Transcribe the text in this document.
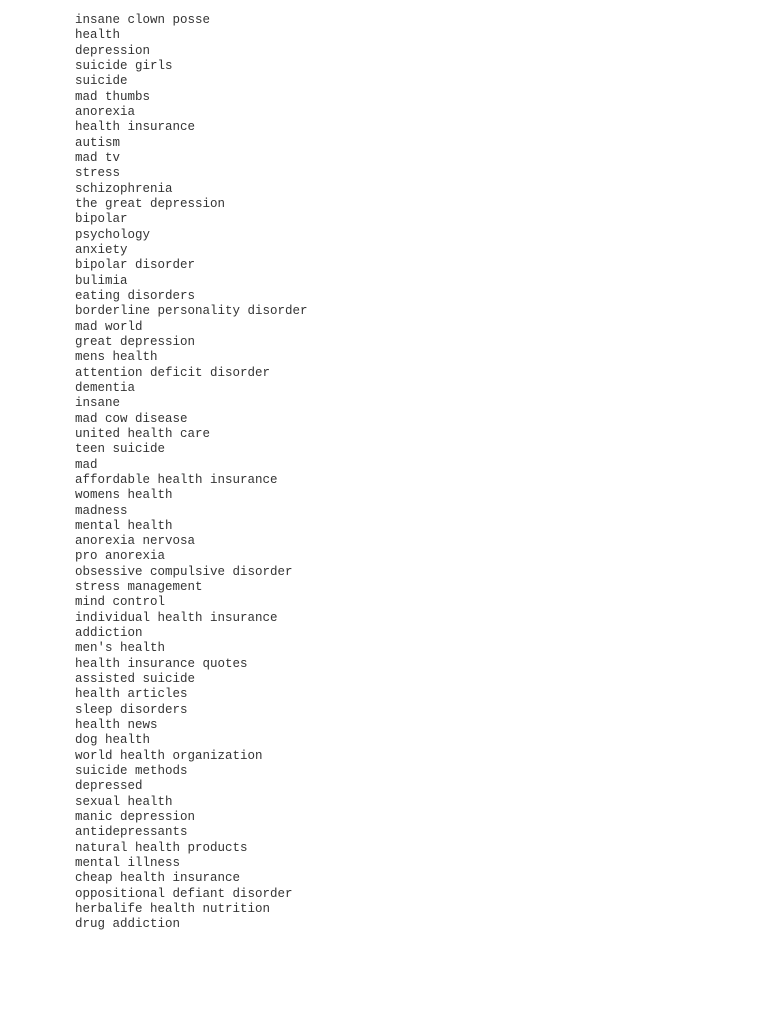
insane clown posse
health
depression
suicide girls
suicide
mad thumbs
anorexia
health insurance
autism
mad tv
stress
schizophrenia
the great depression
bipolar
psychology
anxiety
bipolar disorder
bulimia
eating disorders
borderline personality disorder
mad world
great depression
mens health
attention deficit disorder
dementia
insane
mad cow disease
united health care
teen suicide
mad
affordable health insurance
womens health
madness
mental health
anorexia nervosa
pro anorexia
obsessive compulsive disorder
stress management
mind control
individual health insurance
addiction
men's health
health insurance quotes
assisted suicide
health articles
sleep disorders
health news
dog health
world health organization
suicide methods
depressed
sexual health
manic depression
antidepressants
natural health products
mental illness
cheap health insurance
oppositional defiant disorder
herbalife health nutrition
drug addiction
